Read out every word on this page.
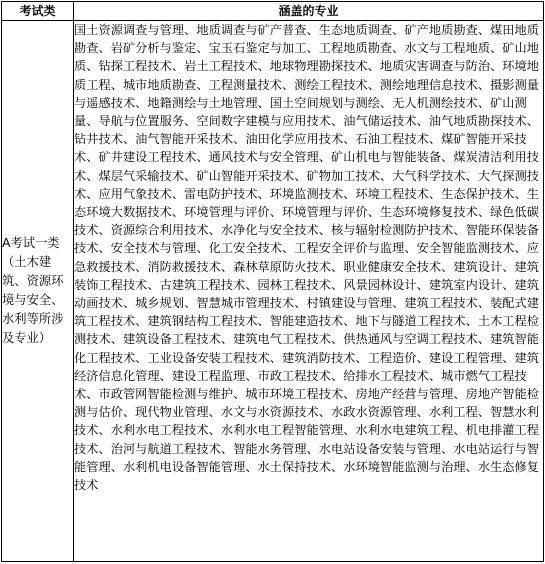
考试类	涵盖的专业
A考试一类（土木建筑、资源环境与安全、水利等所涉及专业）	国土资源调查与管理、地质调查与矿产普查、生态地质调查、矿产地质勘查、煤田地质勘查、岩矿分析与鉴定、宝玉石鉴定与加工、工程地质勘查、水文与工程地质、矿山地质、钻探工程技术、岩土工程技术、地球物理勘探技术、地质灾害调查与防治、环境地质工程、城市地质勘查、工程测量技术、测绘工程技术、测绘地理信息技术、摄影测量与遥感技术、地籍测绘与土地管理、国土空间规划与测绘、无人机测绘技术、矿山测量、导航与位置服务、空间数字建模与应用技术、油气储运技术、油气地质勘探技术、钻井技术、油气智能开采技术、油田化学应用技术、石油工程技术、煤矿智能开采技术、矿井建设工程技术、通风技术与安全管理、矿山机电与智能装备、煤炭清洁利用技术、煤层气采输技术、矿山智能开采技术、矿物加工技术、大气科学技术、大气探测技术、应用气象技术、雷电防护技术、环境监测技术、环境工程技术、生态保护技术、生态环境大数据技术、环境管理与评价、环境管理与评价、生态环境修复技术、绿色低碳技术、资源综合利用技术、水净化与安全技术、核与辐射检测防护技术、智能环保装备技术、安全技术与管理、化工安全技术、工程安全评价与监理、安全智能监测技术、应急救援技术、消防救援技术、森林草原防火技术、职业健康安全技术、建筑设计、建筑装饰工程技术、古建筑工程技术、园林工程技术、风景园林设计、建筑室内设计、建筑动画技术、城乡规划、智慧城市管理技术、村镇建设与管理、建筑工程技术、装配式建筑工程技术、建筑钢结构工程技术、智能建造技术、地下与隧道工程技术、土木工程检测技术、建筑设备工程技术、建筑电气工程技术、供热通风与空调工程技术、建筑智能化工程技术、工业设备安装工程技术、建筑消防技术、工程造价、建设工程管理、建筑经济信息化管理、建设工程监理、市政工程技术、给排水工程技术、城市燃气工程技术、市政管网智能检测与维护、城市环境工程技术、房地产经营与管理、房地产智能检测与估价、现代物业管理、水文与水资源技术、水政水资源管理、水利工程、智慧水利技术、水利水电工程技术、水利水电工程智能管理、水利水电建筑工程、机电排灌工程技术、治河与航道工程技术、智能水务管理、水电站设备安装与管理、水电站运行与智能管理、水利机电设备智能管理、水土保持技术、水环境智能监测与治理、水生态修复技术
